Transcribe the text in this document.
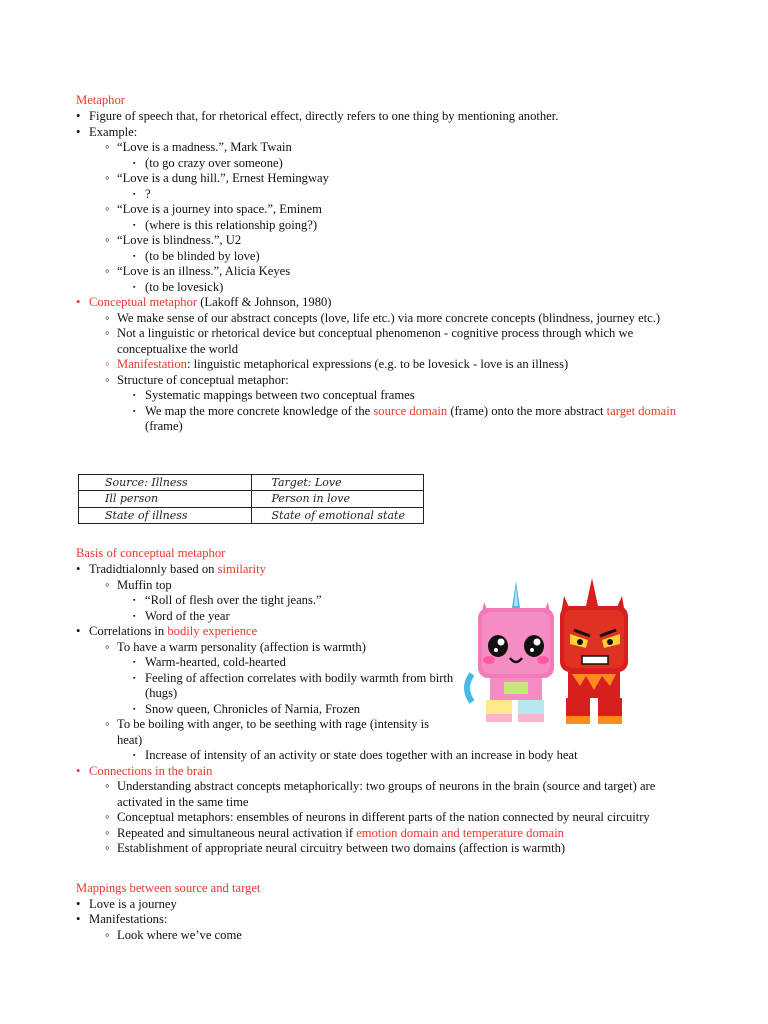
Metaphor
• Figure of speech that, for rhetorical effect, directly refers to one thing by mentioning another.
• Example:
◦ “Love is a madness.”, Mark Twain
▪ (to go crazy over someone)
◦ “Love is a dung hill.”, Ernest Hemingway
▪ ?
◦ “Love is a journey into space.”, Eminem
▪ (where is this relationship going?)
◦ “Love is blindness.”, U2
▪ (to be blinded by love)
◦ “Love is an illness.”, Alicia Keyes
▪ (to be lovesick)
• Conceptual metaphor (Lakoff & Johnson, 1980)
◦ We make sense of our abstract concepts (love, life etc.) via more concrete concepts (blindness, journey etc.)
◦ Not a linguistic or rhetorical device but conceptual phenomenon - cognitive process through which we conceptualixe the world
◦ Manifestation: linguistic metaphorical expressions (e.g. to be lovesick - love is an illness)
◦ Structure of conceptual metaphor:
▪ Systematic mappings between two conceptual frames
▪ We map the more concrete knowledge of the source domain (frame) onto the more abstract target domain (frame)
Source: Illness	Target: Love
Ill person	Person in love
State of illness	State of emotional state
Basis of conceptual metaphor
• Tradidtialonnly based on similarity
◦ Muffin top
▪ “Roll of flesh over the tight jeans.”
▪ Word of the year
• Correlations in bodily experience
◦ To have a warm personality (affection is warmth)
▪ Warm-hearted, cold-hearted
▪ Feeling of affection correlates with bodily warmth from birth (hugs)
▪ Snow queen, Chronicles of Narnia, Frozen
◦ To be boiling with anger, to be seething with rage (intensity is heat)
▪ Increase of intensity of an activity or state does together with an increase in body heat
• Connections in the brain
◦ Understanding abstract concepts metaphorically: two groups of neurons in the brain (source and target) are activated in the same time
◦ Conceptual metaphors: ensembles of neurons in different parts of the nation connected by neural circuitry
◦ Repeated and simultaneous neural activation if emotion domain and temperature domain
◦ Establishment of appropriate neural circuitry between two domains (affection is warmth)
Mappings between source and target
• Love is a journey
• Manifestations:
◦ Look where we’ve come
